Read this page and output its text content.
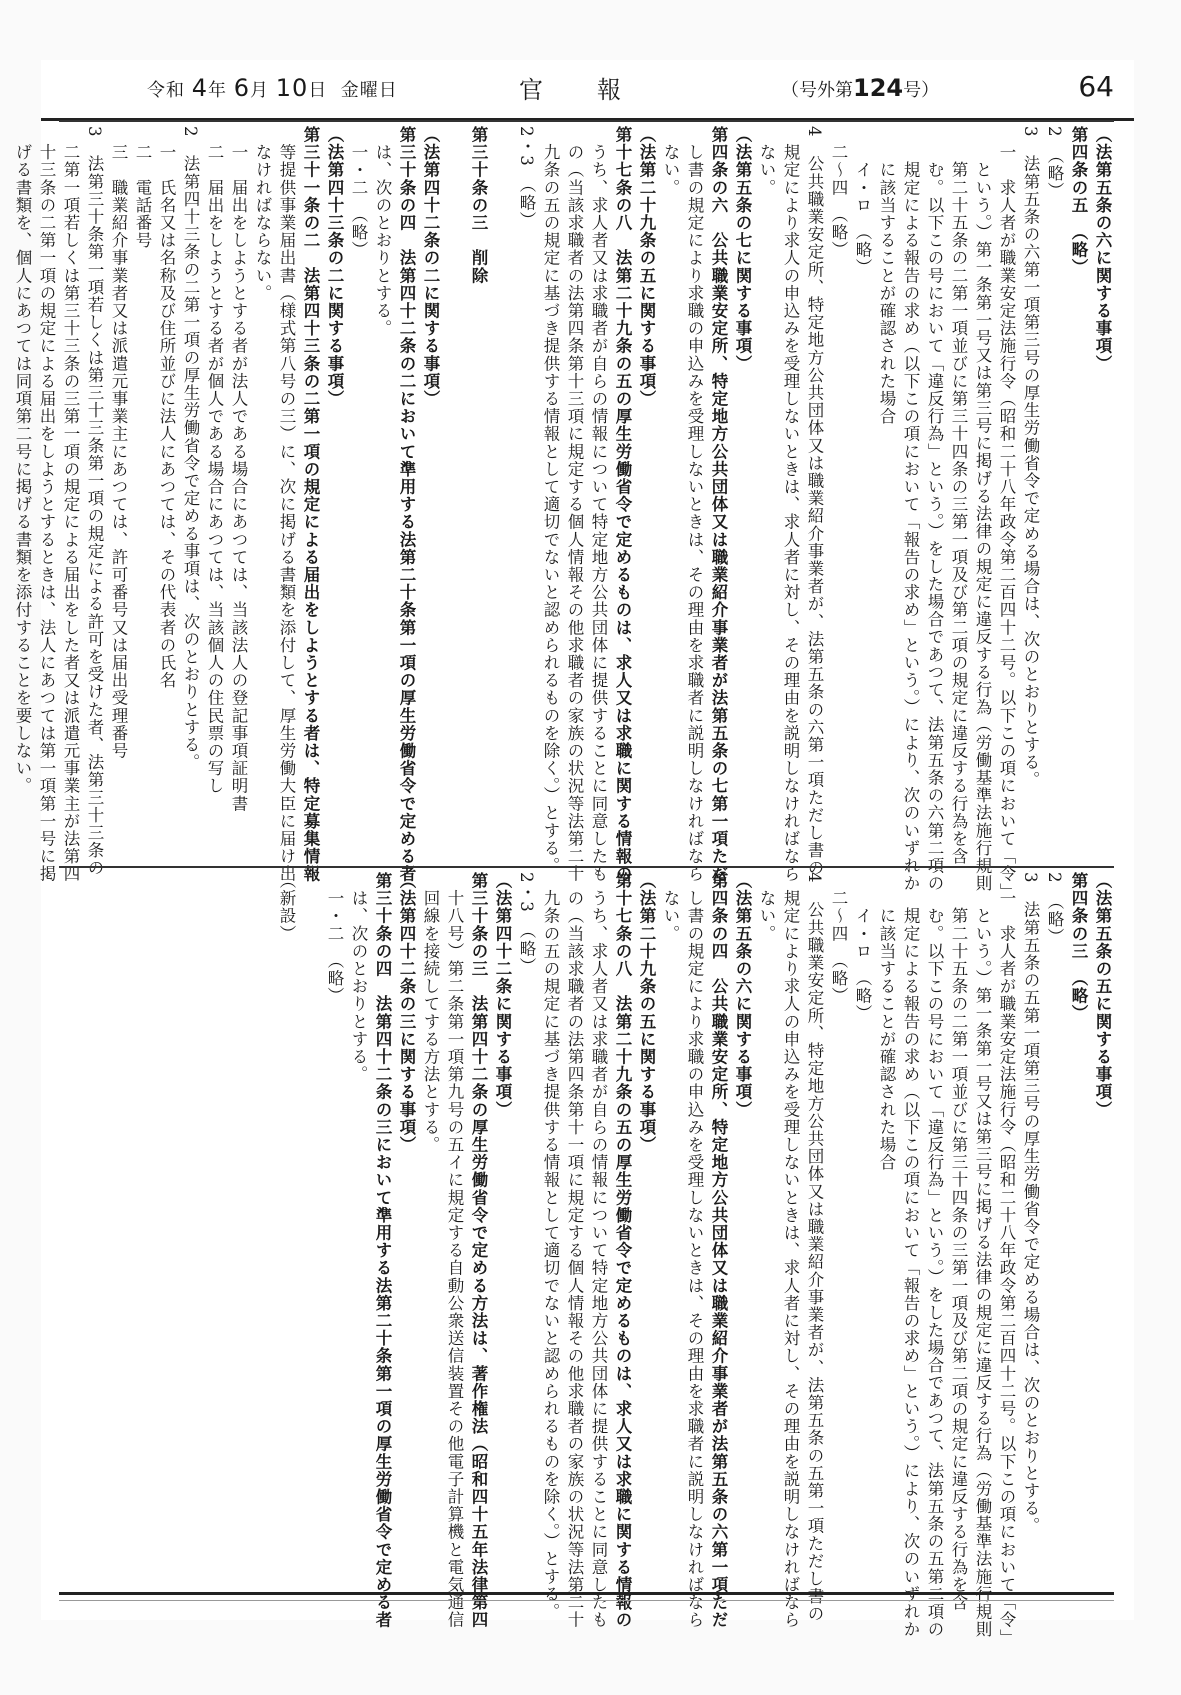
令和 4年 6月 10日 金曜日	官報	（号外第124号）	64
（法第五条の六に関する事項）
第四条の五　（略）
2　（略）
3　法第五条の六第一項第三号の厚生労働省令で定める場合は、次のとおりとする。
　一　求人者が職業安定法施行令（昭和二十八年政令第二百四十二号。以下この項において「令」
　　という。）第一条第一号又は第三号に掲げる法律の規定に違反する行為（労働基準法施行規則
　　第二十五条の二第一項並びに第三十四条の三第一項及び第二項の規定に違反する行為を含
　　む。以下この号において「違反行為」という。）をした場合であつて、法第五条の六第二項の
　　規定による報告の求め（以下この項において「報告の求め」という。）により、次のいずれか
　　に該当することが確認された場合
　　イ・ロ　（略）
　二～四　（略）
4　公共職業安定所、特定地方公共団体又は職業紹介事業者が、法第五条の六第一項ただし書の
　規定により求人の申込みを受理しないときは、求人者に対し、その理由を説明しなければなら
　ない。
（法第五条の七に関する事項）
第四条の六　公共職業安定所、特定地方公共団体又は職業紹介事業者が法第五条の七第一項ただ
　し書の規定により求職の申込みを受理しないときは、その理由を求職者に説明しなければなら
　ない。
（法第二十九条の五に関する事項）
第十七条の八　法第二十九条の五の厚生労働省令で定めるものは、求人又は求職に関する情報の
　うち、求人者又は求職者が自らの情報について特定地方公共団体に提供することに同意したも
　の（当該求職者の法第四条第十三項に規定する個人情報その他求職者の家族の状況等法第二十
　九条の五の規定に基づき提供する情報として適切でないと認められるものを除く。）とする。
2・3　（略）

第三十条の三　削除

（法第四十二条の二に関する事項）
第三十条の四　法第四十二条の二において準用する法第二十条第一項の厚生労働省令で定める者
　は、次のとおりとする。
　一・二　（略）
（法第四十三条の二に関する事項）
第三十一条の二　法第四十三条の二第一項の規定による届出をしようとする者は、特定募集情報
　等提供事業届出書（様式第八号の三）に、次に掲げる書類を添付して、厚生労働大臣に届け出
　なければならない。
　一　届出をしようとする者が法人である場合にあつては、当該法人の登記事項証明書
　二　届出をしようとする者が個人である場合にあつては、当該個人の住民票の写し
2　法第四十三条の二第一項の厚生労働省令で定める事項は、次のとおりとする。
　一　氏名又は名称及び住所並びに法人にあつては、その代表者の氏名
　二　電話番号
　三　職業紹介事業者又は派遣元事業主にあつては、許可番号又は届出受理番号
3　法第三十条第一項若しくは第三十三条第一項の規定による許可を受けた者、法第三十三条の
　二第一項若しくは第三十三条の三第一項の規定による届出をした者又は派遣元事業主が法第四
　十三条の二第一項の規定による届出をしようとするときは、法人にあつては第一項第一号に掲
　げる書類を、個人にあつては同項第二号に掲げる書類を添付することを要しない。
（法第五条の五に関する事項）
第四条の三　（略）
2　（略）
3　法第五条の五第一項第三号の厚生労働省令で定める場合は、次のとおりとする。
　一　求人者が職業安定法施行令（昭和二十八年政令第二百四十二号。以下この項において「令」
　　という。）第一条第一号又は第三号に掲げる法律の規定に違反する行為（労働基準法施行規則
　　第二十五条の二第一項並びに第三十四条の三第一項及び第二項の規定に違反する行為を含
　　む。以下この号において「違反行為」という。）をした場合であつて、法第五条の五第二項の
　　規定による報告の求め（以下この項において「報告の求め」という。）により、次のいずれか
　　に該当することが確認された場合
　　イ・ロ　（略）
　二～四　（略）
4　公共職業安定所、特定地方公共団体又は職業紹介事業者が、法第五条の五第一項ただし書の
　規定により求人の申込みを受理しないときは、求人者に対し、その理由を説明しなければなら
　ない。
（法第五条の六に関する事項）
第四条の四　公共職業安定所、特定地方公共団体又は職業紹介事業者が法第五条の六第一項ただ
　し書の規定により求職の申込みを受理しないときは、その理由を求職者に説明しなければなら
　ない。
（法第二十九条の五に関する事項）
第十七条の八　法第二十九条の五の厚生労働省令で定めるものは、求人又は求職に関する情報の
　うち、求人者又は求職者が自らの情報について特定地方公共団体に提供することに同意したも
　の（当該求職者の法第四条第十一項に規定する個人情報その他求職者の家族の状況等法第二十
　九条の五の規定に基づき提供する情報として適切でないと認められるものを除く。）とする。
2・3　（略）
（法第四十二条に関する事項）
第三十条の三　法第四十二条の厚生労働省令で定める方法は、著作権法（昭和四十五年法律第四
　十八号）第二条第一項第九号の五イに規定する自動公衆送信装置その他電子計算機と電気通信
　回線を接続してする方法とする。
（法第四十二条の三に関する事項）
第三十条の四　法第四十二条の三において準用する法第二十条第一項の厚生労働省令で定める者
　は、次のとおりとする。
　一・二　（略）

（新設）
